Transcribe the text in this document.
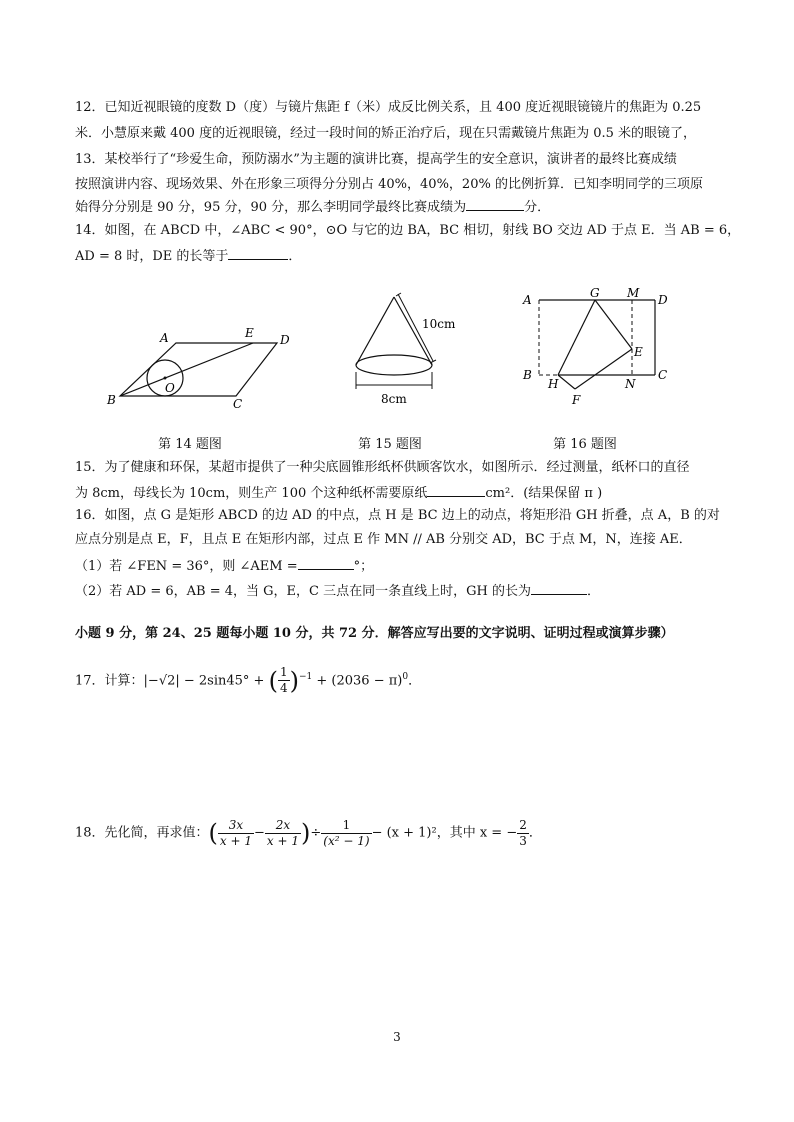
12．已知近视眼镜的度数 D（度）与镜片焦距 f（米）成反比例关系，且 400 度近视眼镜镜片的焦距为 0.25
米．小慧原来戴 400 度的近视眼镜，经过一段时间的矫正治疗后，现在只需戴镜片焦距为 0.5 米的眼镜了，
13．某校举行了“珍爱生命，预防溺水”为主题的演讲比赛，提高学生的安全意识，演讲者的最终比赛成绩
按照演讲内容、现场效果、外在形象三项得分分别占 40%，40%，20% 的比例折算．已知李明同学的三项原
始得分分别是 90 分，95 分，90 分，那么李明同学最终比赛成绩为	分．
14．如图，在 ABCD 中，∠ABC < 90°，⊙O 与它的边 BA，BC 相切，射线 BO 交边 AD 于点 E．当 AB = 6，
AD = 8 时，DE 的长等于	．
A	D
E
B	C
O
第 14 题图
10cm
8cm
第 15 题图
A	G M D
E
B
H	N
C
F
第 16 题图
15．为了健康和环保，某超市提供了一种尖底圆锥形纸杯供顾客饮水，如图所示．经过测量，纸杯口的直径
为 8cm，母线长为 10cm，则生产 100 个这种纸杯需要原纸	cm²．(结果保留 π )
16．如图，点 G 是矩形 ABCD 的边 AD 的中点，点 H 是 BC 边上的动点，将矩形沿 GH 折叠，点 A，B 的对
应点分别是点 E，F，且点 E 在矩形内部，过点 E 作 MN // AB 分别交 AD，BC 于点 M，N，连接 AE．
（1）若 ∠FEN = 36°，则 ∠AEM =	°；
（2）若 AD = 6，AB = 4，当 G，E，C 三点在同一条直线上时，GH 的长为	．
小题 9 分，第 24、25 题每小题 10 分，共 72 分．解答应写出要的文字说明、证明过程或演算步骤）
17．计算：|−√2| − 2sin45° + ( $\frac{1}{4} )^{-1} + (2036 - \pi)^0$．
18．先化简，再求值：( $\frac{3x}{x + 1} - \frac{2x}{x + 1}$ )÷ $\frac{1}{\text{(x² − 1)}} - (x + 1)^2$，其中 x = − $\frac{2}{3}$ ．
3
